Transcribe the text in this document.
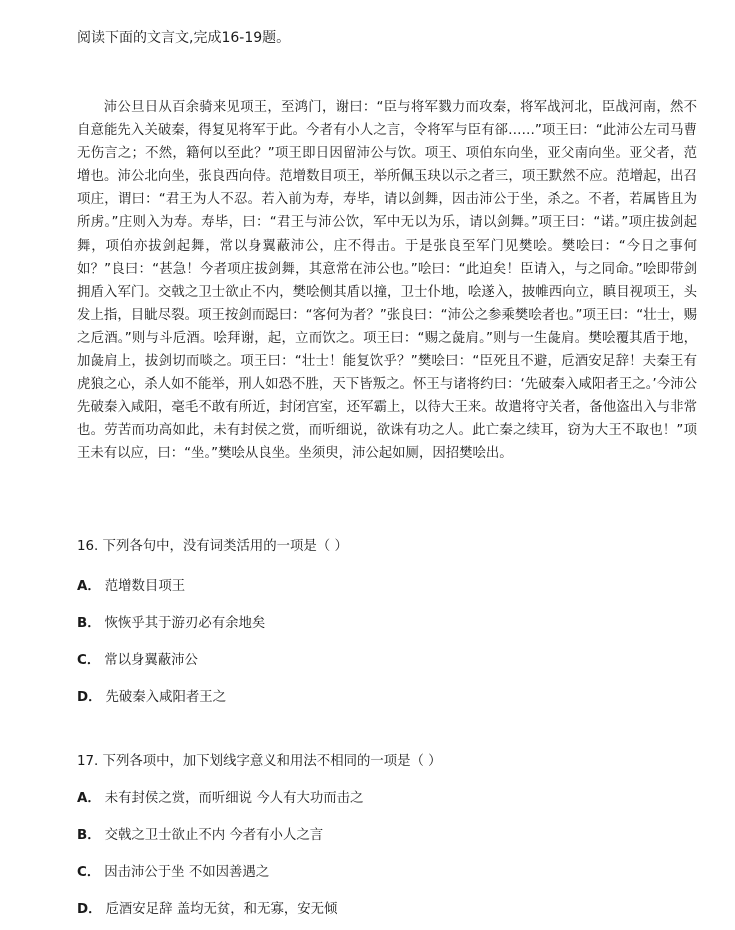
阅读下面的文言文,完成16-19题。

沛公旦日从百余骑来见项王，至鸿门，谢曰：“臣与将军戮力而攻秦，将军战河北，臣战河南，然不自意能先入关破秦，得复见将军于此。今者有小人之言，令将军与臣有郤……”项王曰：“此沛公左司马曹无伤言之；不然，籍何以至此？”项王即日因留沛公与饮。项王、项伯东向坐，亚父南向坐。亚父者，范增也。沛公北向坐，张良西向侍。范增数目项王，举所佩玉玦以示之者三，项王默然不应。范增起，出召项庄，谓曰：“君王为人不忍。若入前为寿，寿毕，请以剑舞，因击沛公于坐，杀之。不者，若属皆且为所虏。”庄则入为寿。寿毕，曰：“君王与沛公饮，军中无以为乐，请以剑舞。”项王曰：“诺。”项庄拔剑起舞，项伯亦拔剑起舞，常以身翼蔽沛公，庄不得击。于是张良至军门见樊哙。樊哙曰：“今日之事何如？”良曰：“甚急！今者项庄拔剑舞，其意常在沛公也。”哙曰：“此迫矣！臣请入，与之同命。”哙即带剑拥盾入军门。交戟之卫士欲止不内，樊哙侧其盾以撞，卫士仆地，哙遂入，披帷西向立，瞋目视项王，头发上指，目眦尽裂。项王按剑而跽曰：“客何为者？”张良曰：“沛公之参乘樊哙者也。”项王曰：“壮士，赐之卮酒。”则与斗卮酒。哙拜谢，起，立而饮之。项王曰：“赐之彘肩。”则与一生彘肩。樊哙覆其盾于地，加彘肩上，拔剑切而啖之。项王曰：“壮士！能复饮乎？”樊哙曰：“臣死且不避，卮酒安足辞！夫秦王有虎狼之心，杀人如不能举，刑人如恐不胜，天下皆叛之。怀王与诸将约曰：‘先破秦入咸阳者王之。’今沛公先破秦入咸阳，毫毛不敢有所近，封闭宫室，还军霸上，以待大王来。故遣将守关者，备他盗出入与非常也。劳苦而功高如此，未有封侯之赏，而听细说，欲诛有功之人。此亡秦之续耳，窃为大王不取也！”项王未有以应，曰：“坐。”樊哙从良坐。坐须臾，沛公起如厕，因招樊哙出。

16. 下列各句中，没有词类活用的一项是（ ）

A． 范增数目项王

B． 恢恢乎其于游刃必有余地矣

C． 常以身翼蔽沛公

D． 先破秦入咸阳者王之

17. 下列各项中，加下划线字意义和用法不相同的一项是（ ）

A． 未有封侯之赏，而听细说 今人有大功而击之

B． 交戟之卫士欲止不内 今者有小人之言

C． 因击沛公于坐 不如因善遇之

D． 卮酒安足辞 盖均无贫，和无寡，安无倾
